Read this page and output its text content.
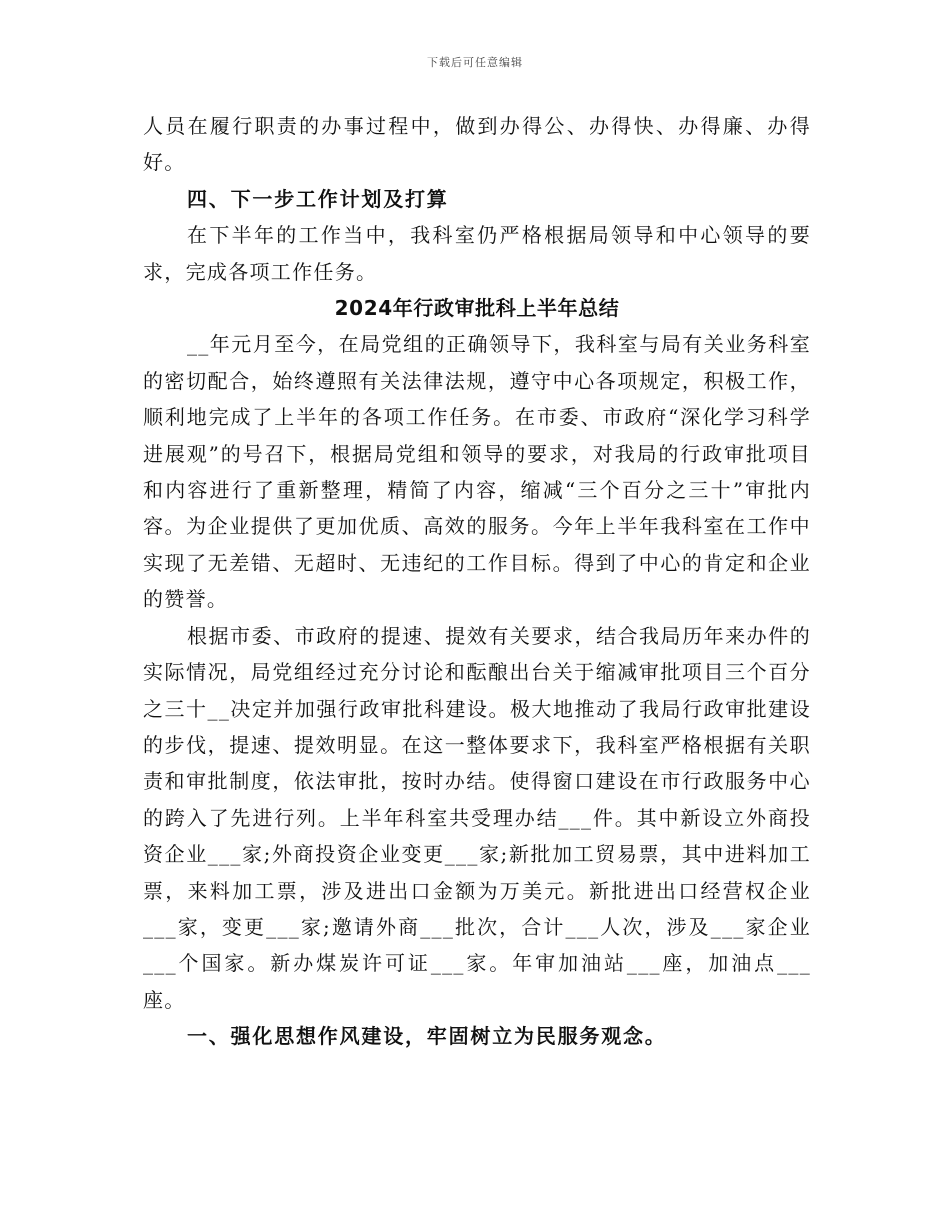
下载后可任意编辑

人员在履行职责的办事过程中，做到办得公、办得快、办得廉、办得好。

四、下一步工作计划及打算

在下半年的工作当中，我科室仍严格根据局领导和中心领导的要求，完成各项工作任务。

2024年行政审批科上半年总结

__年元月至今，在局党组的正确领导下，我科室与局有关业务科室的密切配合，始终遵照有关法律法规，遵守中心各项规定，积极工作，顺利地完成了上半年的各项工作任务。在市委、市政府“深化学习科学进展观”的号召下，根据局党组和领导的要求，对我局的行政审批项目和内容进行了重新整理，精简了内容，缩减“三个百分之三十”审批内容。为企业提供了更加优质、高效的服务。今年上半年我科室在工作中实现了无差错、无超时、无违纪的工作目标。得到了中心的肯定和企业的赞誉。

根据市委、市政府的提速、提效有关要求，结合我局历年来办件的实际情况，局党组经过充分讨论和酝酿出台关于缩减审批项目三个百分之三十__决定并加强行政审批科建设。极大地推动了我局行政审批建设的步伐，提速、提效明显。在这一整体要求下，我科室严格根据有关职责和审批制度，依法审批，按时办结。使得窗口建设在市行政服务中心的跨入了先进行列。上半年科室共受理办结___件。其中新设立外商投资企业___家;外商投资企业变更___家;新批加工贸易票，其中进料加工票，来料加工票，涉及进出口金额为万美元。新批进出口经营权企业___家，变更___家;邀请外商___批次，合计___人次，涉及___家企业___个国家。新办煤炭许可证___家。年审加油站___座，加油点___座。

一、强化思想作风建设，牢固树立为民服务观念。
